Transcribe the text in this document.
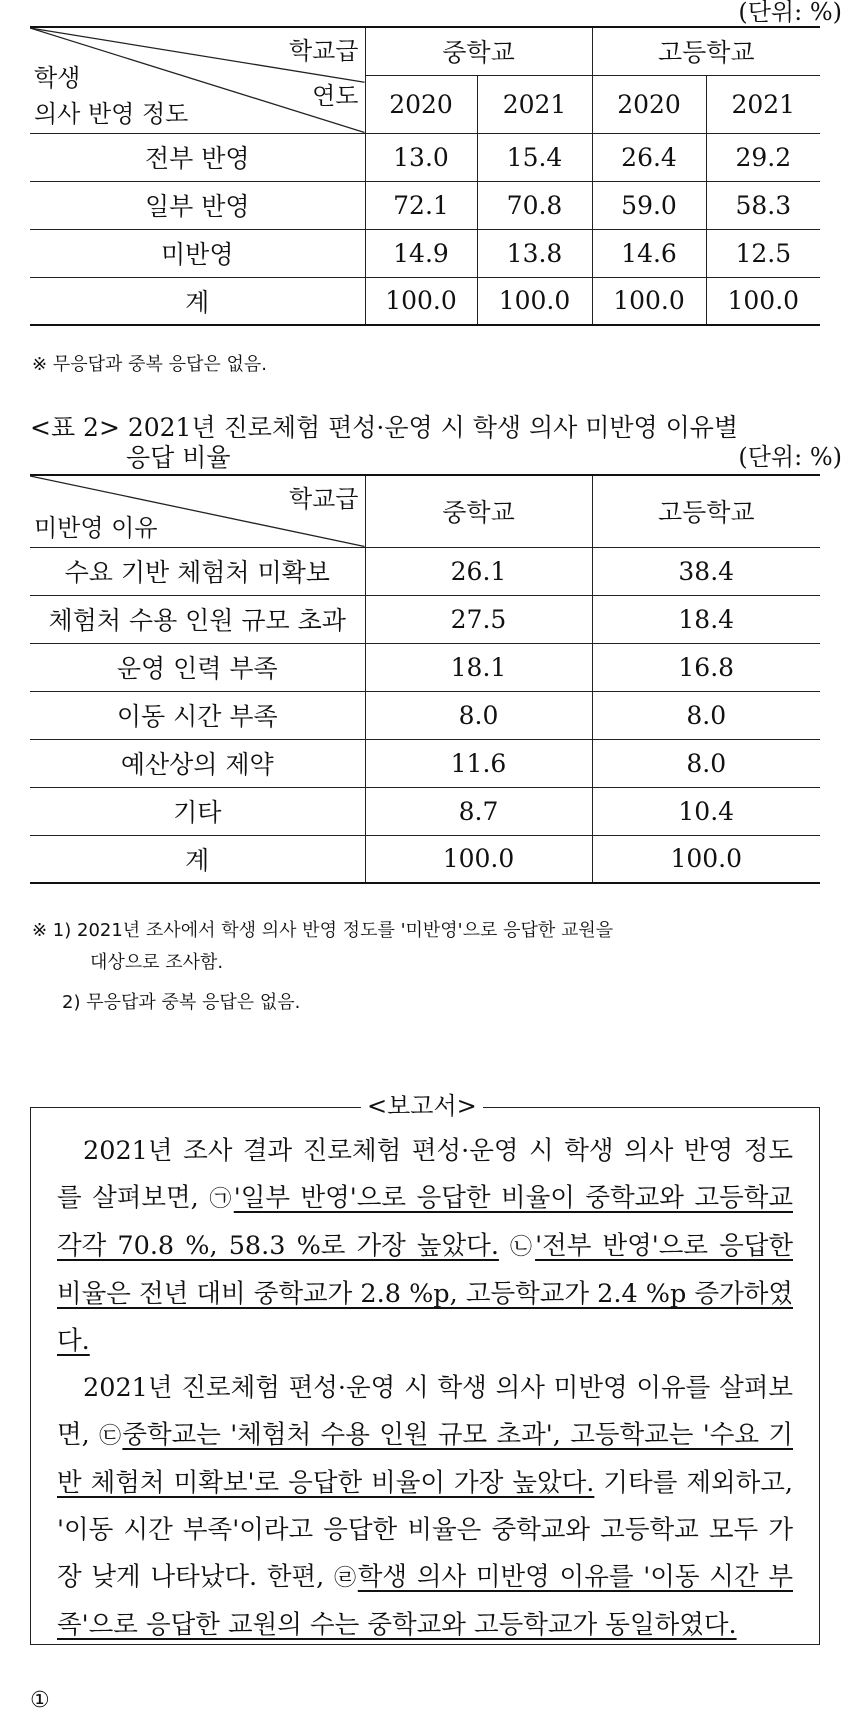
(단위: %)
학교급
학생
연도
의사 반영 정도	중학교		고등학교	
	2020	2021	2020	2021
전부 반영	13.0	15.4	26.4	29.2
일부 반영	72.1	70.8	59.0	58.3
미반영	14.9	13.8	14.6	12.5
계	100.0	100.0	100.0	100.0
※ 무응답과 중복 응답은 없음.
<표 2> 2021년 진로체험 편성·운영 시 학생 의사 미반영 이유별
응답 비율	(단위: %)
학교급
미반영 이유	중학교	고등학교
수요 기반 체험처 미확보	26.1	38.4
체험처 수용 인원 규모 초과	27.5	18.4
운영 인력 부족	18.1	16.8
이동 시간 부족	8.0	8.0
예산상의 제약	11.6	8.0
기타	8.7	10.4
계	100.0	100.0
※ 1) 2021년 조사에서 학생 의사 반영 정도를 '미반영'으로 응답한 교원을
대상으로 조사함.
2) 무응답과 중복 응답은 없음.
<보고서>

2021년 조사 결과 진로체험 편성·운영 시 학생 의사 반영 정도를 살펴보면, ㉠'일부 반영'으로 응답한 비율이 중학교와 고등학교 각각 70.8 %, 58.3 %로 가장 높았다. ㉡'전부 반영'으로 응답한 비율은 전년 대비 중학교가 2.8 %p, 고등학교가 2.4 %p 증가하였다.

2021년 진로체험 편성·운영 시 학생 의사 미반영 이유를 살펴보면, ㉢중학교는 '체험처 수용 인원 규모 초과', 고등학교는 '수요 기반 체험처 미확보'로 응답한 비율이 가장 높았다. 기타를 제외하고, '이동 시간 부족'이라고 응답한 비율은 중학교와 고등학교 모두 가장 낮게 나타났다. 한편, ㉣학생 의사 미반영 이유를 '이동 시간 부족'으로 응답한 교원의 수는 중학교와 고등학교가 동일하였다.

①
